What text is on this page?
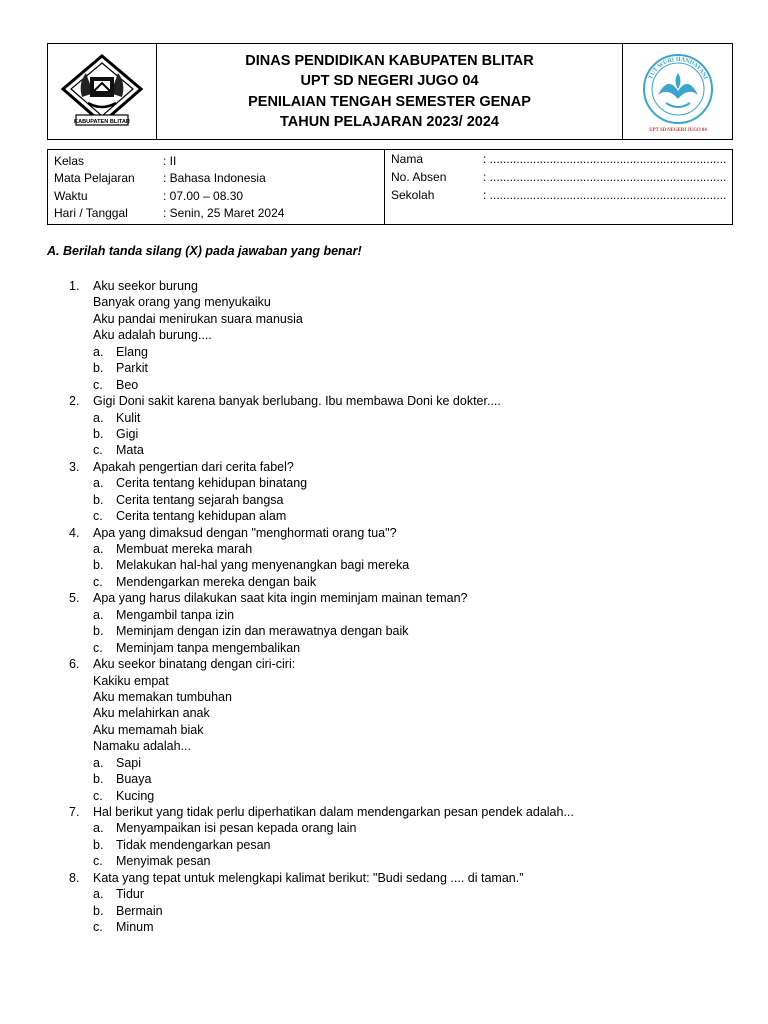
KABUPATEN BLITAR
DINAS PENDIDIKAN KABUPATEN BLITAR
UPT SD NEGERI JUGO 04
PENILAIAN TENGAH SEMESTER GENAP
TAHUN PELAJARAN 2023/ 2024
TUT WURI HANDAYANI
UPT SD NEGERI JUGO 04
Kelas	: II
Mata Pelajaran	: Bahasa Indonesia
Waktu	: 07.00 – 08.30
Hari / Tanggal	: Senin, 25 Maret 2024
Nama	: .......................................................................
No. Absen	: .......................................................................
Sekolah	: .......................................................................
A. Berilah tanda silang (X) pada jawaban yang benar!
1. Aku seekor burung
Banyak orang yang menyukaiku
Aku pandai menirukan suara manusia
Aku adalah burung....
a. Elang
b. Parkit
c. Beo
2. Gigi Doni sakit karena banyak berlubang. Ibu membawa Doni ke dokter....
a. Kulit
b. Gigi
c. Mata
3. Apakah pengertian dari cerita fabel?
a. Cerita tentang kehidupan binatang
b. Cerita tentang sejarah bangsa
c. Cerita tentang kehidupan alam
4. Apa yang dimaksud dengan "menghormati orang tua"?
a. Membuat mereka marah
b. Melakukan hal-hal yang menyenangkan bagi mereka
c. Mendengarkan mereka dengan baik
5. Apa yang harus dilakukan saat kita ingin meminjam mainan teman?
a. Mengambil tanpa izin
b. Meminjam dengan izin dan merawatnya dengan baik
c. Meminjam tanpa mengembalikan
6. Aku seekor binatang dengan ciri-ciri:
Kakiku empat
Aku memakan tumbuhan
Aku melahirkan anak
Aku memamah biak
Namaku adalah...
a. Sapi
b. Buaya
c. Kucing
7. Hal berikut yang tidak perlu diperhatikan dalam mendengarkan pesan pendek adalah...
a. Menyampaikan isi pesan kepada orang lain
b. Tidak mendengarkan pesan
c. Menyimak pesan
8. Kata yang tepat untuk melengkapi kalimat berikut: "Budi sedang .... di taman.”
a. Tidur
b. Bermain
c. Minum
